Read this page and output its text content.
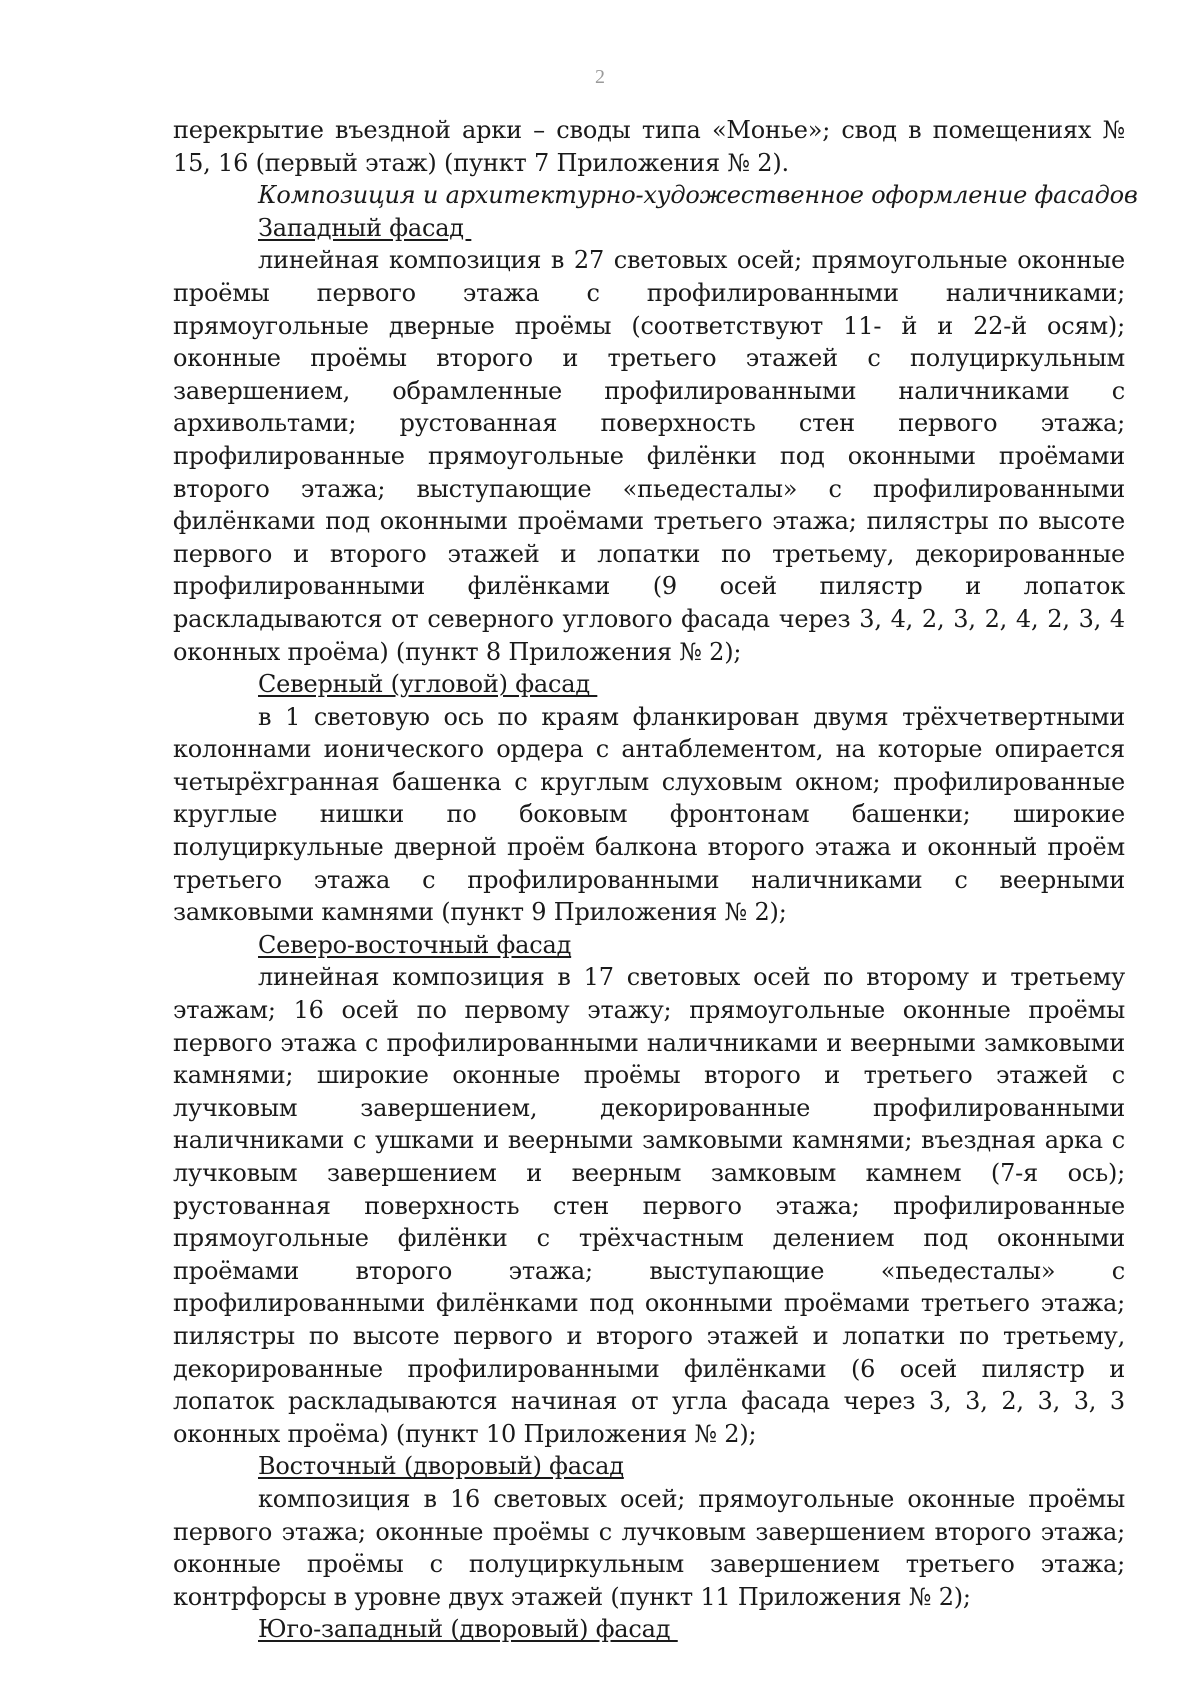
2

перекрытие въездной арки – своды типа «Монье»; свод в помещениях № 15, 16 (первый этаж) (пункт 7 Приложения № 2).

Композиция и архитектурно-художественное оформление фасадов

Западный фасад

линейная композиция в 27 световых осей; прямоугольные оконные проёмы первого этажа с профилированными наличниками; прямоугольные дверные проёмы (соответствуют 11- й и 22-й осям); оконные проёмы второго и третьего этажей с полуциркульным завершением, обрамленные профилированными наличниками с архивольтами; рустованная поверхность стен первого этажа; профилированные прямоугольные филёнки под оконными проёмами второго этажа; выступающие «пьедесталы» с профилированными филёнками под оконными проёмами третьего этажа; пилястры по высоте первого и второго этажей и лопатки по третьему, декорированные профилированными филёнками (9 осей пилястр и лопаток раскладываются от северного углового фасада через 3, 4, 2, 3, 2, 4, 2, 3, 4 оконных проёма) (пункт 8 Приложения № 2);

Северный (угловой) фасад

в 1 световую ось по краям фланкирован двумя трёхчетвертными колоннами ионического ордера с антаблементом, на которые опирается четырёхгранная башенка с круглым слуховым окном; профилированные круглые нишки по боковым фронтонам башенки; широкие полуциркульные дверной проём балкона второго этажа и оконный проём третьего этажа с профилированными наличниками с веерными замковыми камнями (пункт 9 Приложения № 2);

Северо-восточный фасад

линейная композиция в 17 световых осей по второму и третьему этажам; 16 осей по первому этажу; прямоугольные оконные проёмы первого этажа с профилированными наличниками и веерными замковыми камнями; широкие оконные проёмы второго и третьего этажей с лучковым завершением, декорированные профилированными наличниками с ушками и веерными замковыми камнями; въездная арка с лучковым завершением и веерным замковым камнем (7-я ось); рустованная поверхность стен первого этажа; профилированные прямоугольные филёнки с трёхчастным делением под оконными проёмами второго этажа; выступающие «пьедесталы» с профилированными филёнками под оконными проёмами третьего этажа; пилястры по высоте первого и второго этажей и лопатки по третьему, декорированные профилированными филёнками (6 осей пилястр и лопаток раскладываются начиная от угла фасада через 3, 3, 2, 3, 3, 3 оконных проёма) (пункт 10 Приложения № 2);

Восточный (дворовый) фасад

композиция в 16 световых осей; прямоугольные оконные проёмы первого этажа; оконные проёмы с лучковым завершением второго этажа; оконные проёмы с полуциркульным завершением третьего этажа; контрфорсы в уровне двух этажей (пункт 11 Приложения № 2);

Юго-западный (дворовый) фасад
